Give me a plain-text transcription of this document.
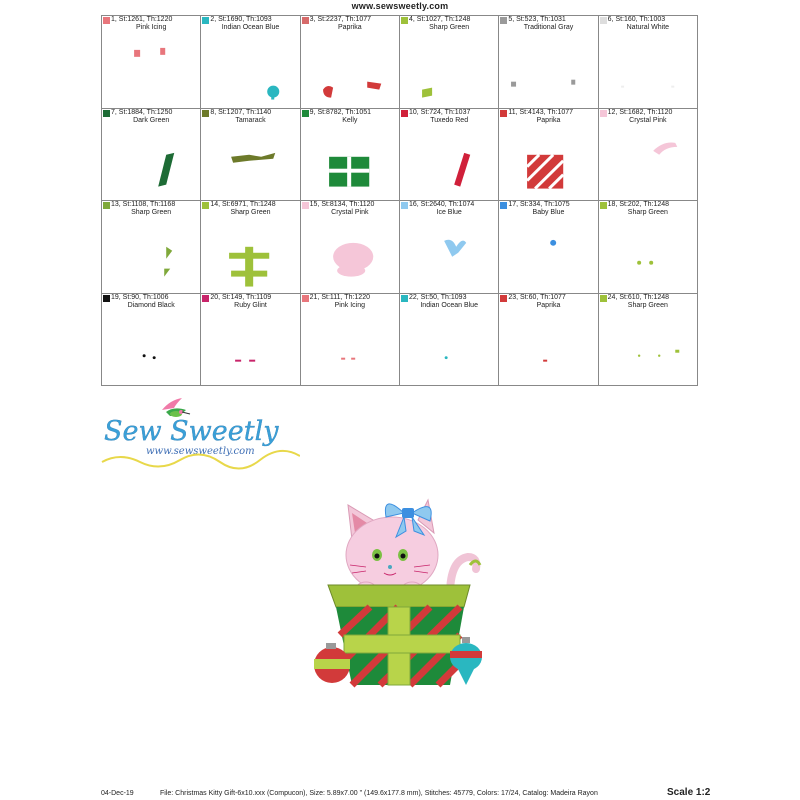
www.sewsweetly.com
1, St:1261, Th:1220
Pink Icing
2, St:1690, Th:1093
Indian Ocean Blue
3, St:2237, Th:1077
Paprika
4, St:1027, Th:1248
Sharp Green
5, St:523, Th:1031
Traditional Gray
6, St:160, Th:1003
Natural White
7, St:1884, Th:1250
Dark Green
8, St:1207, Th:1140
Tamarack
9, St:8782, Th:1051
Kelly
10, St:724, Th:1037
Tuxedo Red
11, St:4143, Th:1077
Paprika
12, St:1682, Th:1120
Crystal Pink
13, St:1108, Th:1168
Sharp Green
14, St:6971, Th:1248
Sharp Green
15, St:8134, Th:1120
Crystal Pink
16, St:2640, Th:1074
Ice Blue
17, St:334, Th:1075
Baby Blue
18, St:202, Th:1248
Sharp Green
19, St:90, Th:1006
Diamond Black
20, St:149, Th:1109
Ruby Glint
21, St:111, Th:1220
Pink Icing
22, St:50, Th:1093
Indian Ocean Blue
23, St:60, Th:1077
Paprika
24, St:610, Th:1248
Sharp Green
Sew Sweetly
www.sewsweetly.com
04-Dec-19	File: Christmas Kitty Gift-6x10.xxx (Compucon), Size: 5.89x7.00 " (149.6x177.8 mm), Stitches: 45779, Colors: 17/24, Catalog: Madeira Rayon	Scale 1:2
